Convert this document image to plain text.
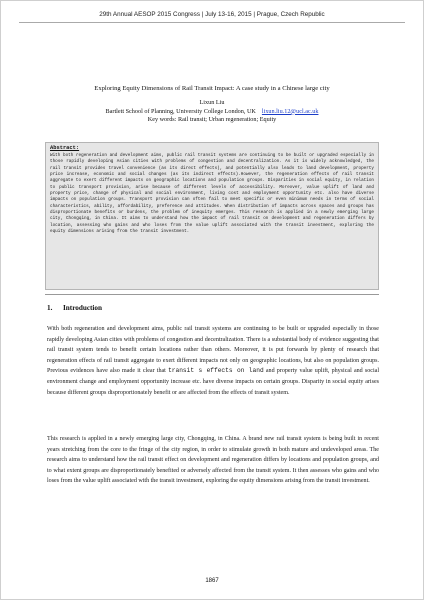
29th Annual AESOP 2015 Congress | July 13-16, 2015 | Prague, Czech Republic
Exploring Equity Dimensions of Rail Transit Impact: A case study in a Chinese large city
Lixun Liu
Bartlett School of Planning, University College London, UK lixun.liu.12@ucl.ac.uk
Key words: Rail transit; Urban regeneration; Equity
Abstract:
With both regeneration and development aims, public rail transit systems are continuing to be built or upgraded especially in those rapidly developing Asian cities with problems of congestion and decentralization. As it is widely acknowledged, the rail transit provides travel convenience (as its direct effects), and potentially also leads to land development, property price increase, economic and social changes (as its indirect effects).However, the regeneration effects of rail transit aggregate to exert different impacts on geographic locations and population groups. Disparities in social equity, in relation to public transport provision, arise because of different levels of accessibility. Moreover, value uplift of land and property price, change of physical and social environment, living cost and employment opportunity etc. also have diverse impacts on population groups. Transport provision can often fail to meet specific or even minimum needs in terms of social characteristics, ability, affordability, preference and attitudes. When distribution of impacts across spaces and groups has disproportionate benefits or burdens, the problem of inequity emerges. This research is applied in a newly emerging large city, Chongqing, in China. It aims to understand how the impact of rail transit on development and regeneration differs by location, assessing who gains and who loses from the value uplift associated with the transit investment, exploring the equity dimensions arising from the transit investment.
1. Introduction
With both regeneration and development aims, public rail transit systems are continuing to be built or upgraded especially in those rapidly developing Asian cities with problems of congestion and decentralization. There is a substantial body of evidence suggesting that rail transit system tends to benefit certain locations rather than others. Moreover, it is put forwards by plenty of research that regeneration effects of rail transit aggregate to exert different impacts not only on geographic locations, but also on population groups. Previous evidences have also made it clear that transit s effects on land and property value uplift, physical and social environment change and employment opportunity increase etc. have diverse impacts on certain groups. Disparity in social equity arises because different groups disproportionately benefit or are affected from the effects of transit system.
This research is applied in a newly emerging large city, Chongqing, in China. A brand new rail transit system is being built in recent years stretching from the core to the fringe of the city region, in order to stimulate growth in both mature and undeveloped areas. The research aims to understand how the rail transit effect on development and regeneration differs by locations and population groups, and to what extent groups are disproportionately benefited or adversely affected from the transit system. It then assesses who gains and who loses from the value uplift associated with the transit investment, exploring the equity dimensions arising from the transit investment.
1867
